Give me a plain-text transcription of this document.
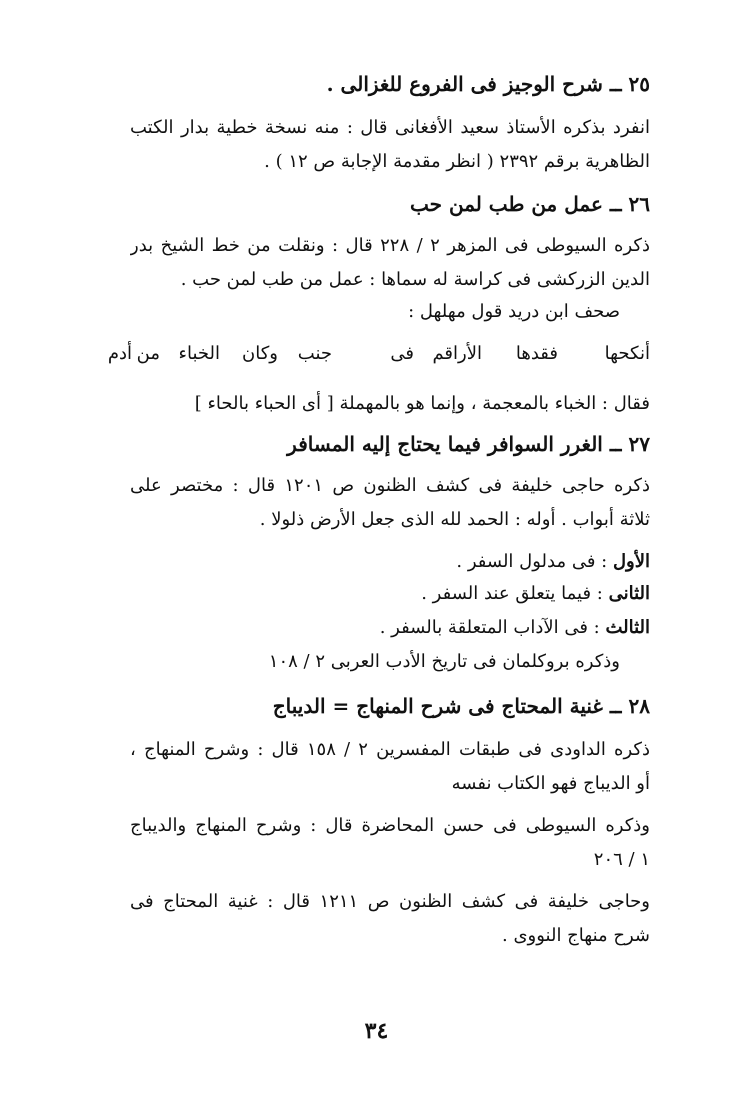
٢٥ ــ شرح الوجيز فى الفروع للغزالى .
انفرد بذكره الأستاذ سعيد الأفغانى قال : منه نسخة خطية بدار الكتب
الظاهرية برقم ٢٣٩٢ ( انظر مقدمة الإجابة ص ١٢ ) .
٢٦ ــ عمل من طب لمن حب
ذكره السيوطى فى المزهر ٢ / ٢٢٨ قال : ونقلت من خط الشيخ بدر
الدين الزركشى فى كراسة له سماها : عمل من طب لمن حب .
صحف ابن دريد قول مهلهل :
أنكحها
فقدها
الأراقم
فى
جنب
وكان
الخباء
من
أدم
فقال : الخباء بالمعجمة ، وإنما هو بالمهملة [ أى الحباء بالحاء ]
٢٧ ــ الغرر السوافر فيما يحتاج إليه المسافر
ذكره حاجى خليفة فى كشف الظنون ص ١٢٠١ قال : مختصر على
ثلاثة أبواب . أوله : الحمد لله الذى جعل الأرض ذلولا .
الأول : فى مدلول السفر .
الثانى : فيما يتعلق عند السفر .
الثالث : فى الآداب المتعلقة بالسفر .
وذكره بروكلمان فى تاريخ الأدب العربى ٢ / ١٠٨
٢٨ ــ غنية المحتاج فى شرح المنهاج = الديباج
ذكره الداودى فى طبقات المفسرين ٢ / ١٥٨ قال : وشرح المنهاج ،
أو الديباج فهو الكتاب نفسه
وذكره السيوطى فى حسن المحاضرة قال : وشرح المنهاج والديباج
١ / ٢٠٦
وحاجى خليفة فى كشف الظنون ص ١٢١١ قال : غنية المحتاج فى
شرح منهاج النووى .
٣٤
